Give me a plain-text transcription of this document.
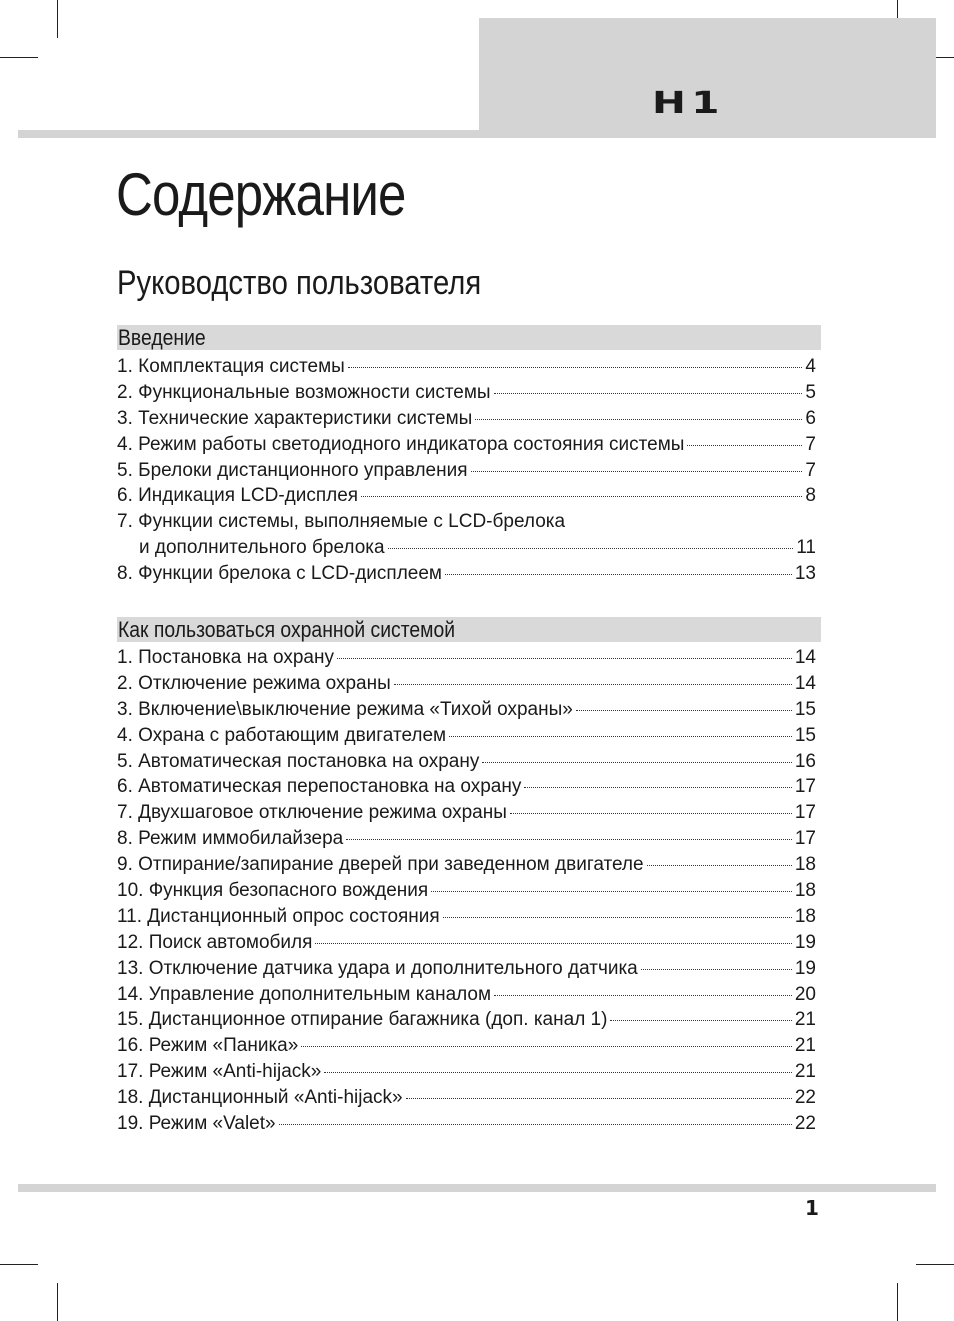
H1
Содержание
Руководство пользователя
Введение
1. Комплектация системы	4
2. Функциональные возможности системы	5
3. Технические характеристики системы	6
4. Режим работы светодиодного индикатора состояния системы	7
5. Брелоки дистанционного управления	7
6. Индикация LCD-дисплея	8
7. Функции системы, выполняемые с LCD-брелока
и дополнительного брелока	11
8. Функции брелока с LCD-дисплеем	13
Как пользоваться охранной системой
1. Постановка на охрану	14
2. Отключение режима охраны	14
3. Включение\выключение режима «Тихой охраны»	15
4. Охрана с работающим двигателем	15
5. Автоматическая постановка на охрану	16
6. Автоматическая перепостановка на охрану	17
7. Двухшаговое отключение режима охраны	17
8. Режим иммобилайзера	17
9. Отпирание/запирание дверей при заведенном двигателе	18
10. Функция безопасного вождения	18
11. Дистанционный опрос состояния	18
12. Поиск автомобиля	19
13. Отключение датчика удара и дополнительного датчика	19
14. Управление дополнительным каналом	20
15. Дистанционное отпирание багажника (доп. канал 1)	21
16. Режим «Паника»	21
17. Режим «Anti-hijack»	21
18. Дистанционный «Anti-hijack»	22
19. Режим «Valet»	22
1
